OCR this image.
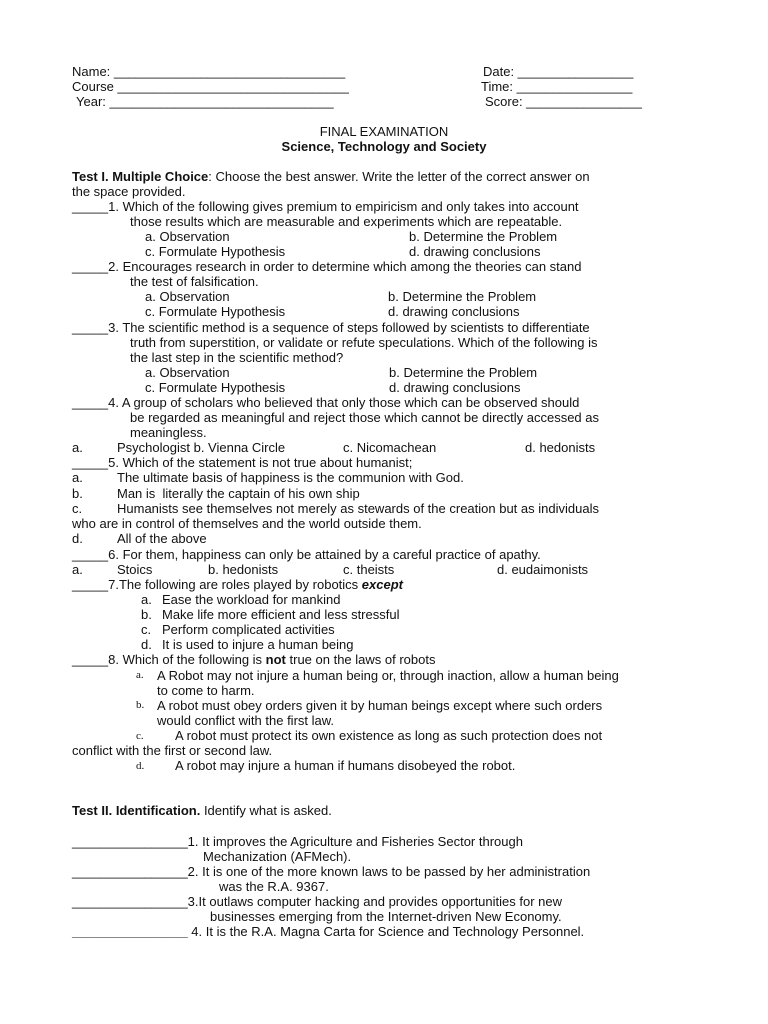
Name: ________________________________
Course ________________________________
Year: _______________________________
Date: ________________
Time: ________________
Score: ________________
FINAL EXAMINATION
Science, Technology and Society
Test I. Multiple Choice: Choose the best answer. Write the letter of the correct answer on
the space provided.
_____1. Which of the following gives premium to empiricism and only takes into account
those results which are measurable and experiments which are repeatable.
a. Observation	b. Determine the Problem
c. Formulate Hypothesis	d. drawing conclusions
_____2. Encourages research in order to determine which among the theories can stand
the test of falsification.
a. Observation	b. Determine the Problem
c. Formulate Hypothesis	d. drawing conclusions
_____3. The scientific method is a sequence of steps followed by scientists to differentiate
truth from superstition, or validate or refute speculations. Which of the following is
the last step in the scientific method?
a. Observation	b. Determine the Problem
c. Formulate Hypothesis	d. drawing conclusions
_____4. A group of scholars who believed that only those which can be observed should
be regarded as meaningful and reject those which cannot be directly accessed as
meaningless.
a.	Psychologist b. Vienna Circle	c. Nicomachean	d. hedonists
_____5. Which of the statement is not true about humanist;
a.	The ultimate basis of happiness is the communion with God.
b.	Man is  literally the captain of his own ship
c.	Humanists see themselves not merely as stewards of the creation but as individuals
who are in control of themselves and the world outside them.
d.	All of the above
_____6. For them, happiness can only be attained by a careful practice of apathy.
a.	Stoics	b. hedonists	c. theists	d. eudaimonists
_____7.The following are roles played by robotics except
a. Ease the workload for mankind
b. Make life more efficient and less stressful
c. Perform complicated activities
d. It is used to injure a human being
_____8. Which of the following is not true on the laws of robots
a. A Robot may not injure a human being or, through inaction, allow a human being
to come to harm.
b. A robot must obey orders given it by human beings except where such orders
would conflict with the first law.
c. A robot must protect its own existence as long as such protection does not
conflict with the first or second law.
d. A robot may injure a human if humans disobeyed the robot.
Test II. Identification. Identify what is asked.
________________1. It improves the Agriculture and Fisheries Sector through
Mechanization (AFMech).
________________2. It is one of the more known laws to be passed by her administration
was the R.A. 9367.
________________3.It outlaws computer hacking and provides opportunities for new
businesses emerging from the Internet-driven New Economy.
________________ 4. It is the R.A. Magna Carta for Science and Technology Personnel.
